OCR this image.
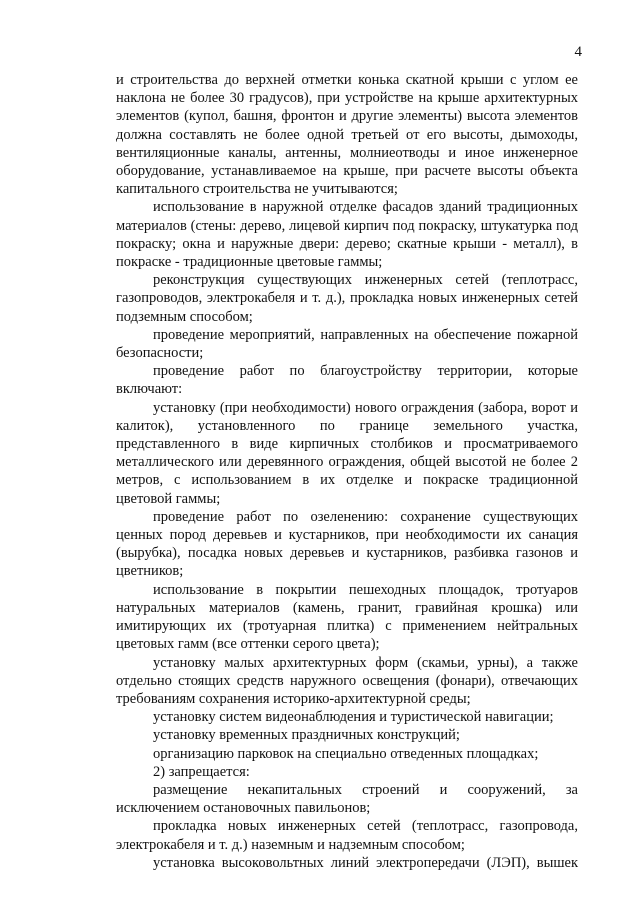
4

и строительства до верхней отметки конька скатной крыши с углом ее наклона не более 30 градусов), при устройстве на крыше архитектурных элементов (купол, башня, фронтон и другие элементы) высота элементов должна составлять не более одной третьей от его высоты, дымоходы, вентиляционные каналы, антенны, молниеотводы и иное инженерное оборудование, устанавливаемое на крыше, при расчете высоты объекта капитального строительства не учитываются;

использование в наружной отделке фасадов зданий традиционных материалов (стены: дерево, лицевой кирпич под покраску, штукатурка под покраску; окна и наружные двери: дерево; скатные крыши - металл), в покраске - традиционные цветовые гаммы;

реконструкция существующих инженерных сетей (теплотрасс, газопроводов, электрокабеля и т. д.), прокладка новых инженерных сетей подземным способом;

проведение мероприятий, направленных на обеспечение пожарной безопасности;

проведение работ по благоустройству территории, которые включают:

установку (при необходимости) нового ограждения (забора, ворот и калиток), установленного по границе земельного участка, представленного в виде кирпичных столбиков и просматриваемого металлического или деревянного ограждения, общей высотой не более 2 метров, с использованием в их отделке и покраске традиционной цветовой гаммы;

проведение работ по озеленению: сохранение существующих ценных пород деревьев и кустарников, при необходимости их санация (вырубка), посадка новых деревьев и кустарников, разбивка газонов и цветников;

использование в покрытии пешеходных площадок, тротуаров натуральных материалов (камень, гранит, гравийная крошка) или имитирующих их (тротуарная плитка) с применением нейтральных цветовых гамм (все оттенки серого цвета);

установку малых архитектурных форм (скамьи, урны), а также отдельно стоящих средств наружного освещения (фонари), отвечающих требованиям сохранения историко-архитектурной среды;

установку систем видеонаблюдения и туристической навигации;

установку временных праздничных конструкций;

организацию парковок на специально отведенных площадках;

2) запрещается:

размещение некапитальных строений и сооружений, за исключением остановочных павильонов;

прокладка новых инженерных сетей (теплотрасс, газопровода, электрокабеля и т. д.) наземным и надземным способом;

установка высоковольтных линий электропередачи (ЛЭП), вышек
